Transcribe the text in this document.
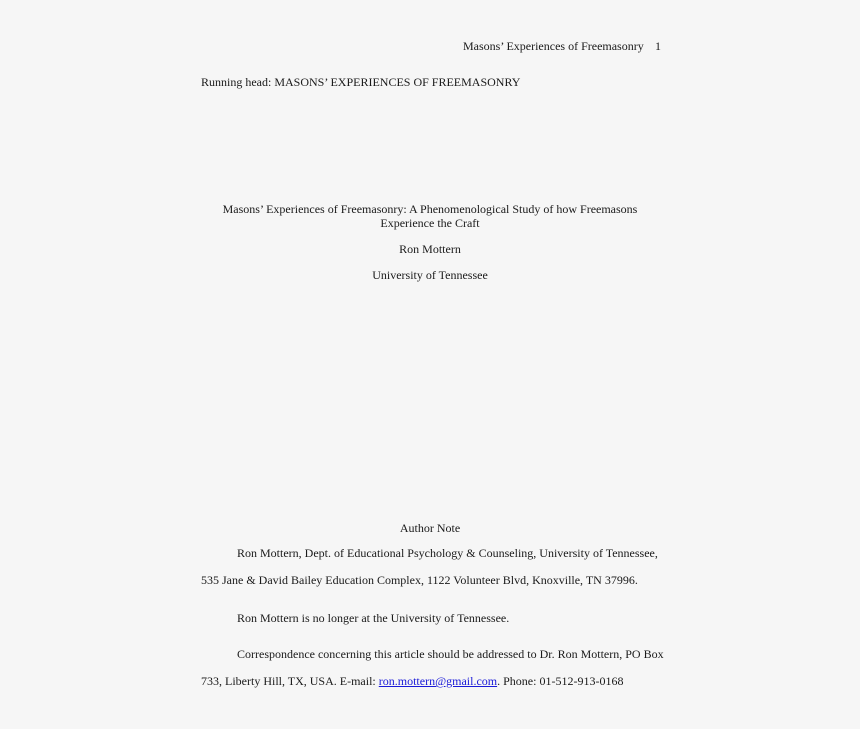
Masons’ Experiences of Freemasonry 1
Running head: MASONS’ EXPERIENCES OF FREEMASONRY
Masons’ Experiences of Freemasonry: A Phenomenological Study of how Freemasons
Experience the Craft
Ron Mottern
University of Tennessee
Author Note
Ron Mottern, Dept. of Educational Psychology & Counseling, University of Tennessee,
535 Jane & David Bailey Education Complex, 1122 Volunteer Blvd, Knoxville, TN 37996.
Ron Mottern is no longer at the University of Tennessee.
Correspondence concerning this article should be addressed to Dr. Ron Mottern, PO Box
733, Liberty Hill, TX, USA. E-mail: ron.mottern@gmail.com. Phone: 01-512-913-0168
